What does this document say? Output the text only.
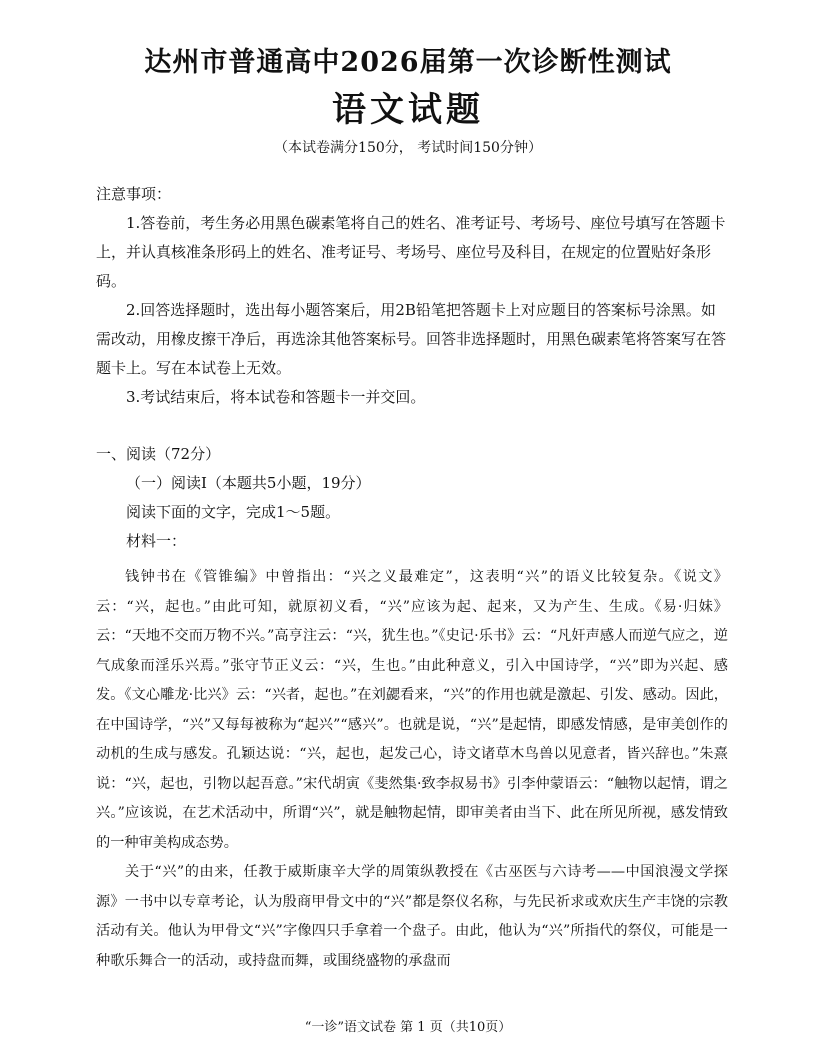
达州市普通高中2026届第一次诊断性测试
语文试题
（本试卷满分150分， 考试时间150分钟）

注意事项：

1.答卷前，考生务必用黑色碳素笔将自己的姓名、准考证号、考场号、座位号填写在答题卡上，并认真核准条形码上的姓名、准考证号、考场号、座位号及科目，在规定的位置贴好条形码。

2.回答选择题时，选出每小题答案后，用2B铅笔把答题卡上对应题目的答案标号涂黑。如需改动，用橡皮擦干净后，再选涂其他答案标号。回答非选择题时，用黑色碳素笔将答案写在答题卡上。写在本试卷上无效。

3.考试结束后，将本试卷和答题卡一并交回。

一、阅读（72分）

（一）阅读Ⅰ（本题共5小题，19分）

阅读下面的文字，完成1～5题。

材料一：

钱钟书在《管锥编》中曾指出：“兴之义最难定”，这表明“兴”的语义比较复杂。《说文》云：“兴，起也。”由此可知，就原初义看，“兴”应该为起、起来，又为产生、生成。《易·归妹》云：“天地不交而万物不兴。”高亨注云：“兴，犹生也。”《史记·乐书》云：“凡奸声感人而逆气应之，逆气成象而淫乐兴焉。”张守节正义云：“兴，生也。”由此种意义，引入中国诗学，“兴”即为兴起、感发。《文心雕龙·比兴》云：“兴者，起也。”在刘勰看来，“兴”的作用也就是激起、引发、感动。因此，在中国诗学，“兴”又每每被称为“起兴”“感兴”。也就是说，“兴”是起情，即感发情感，是审美创作的动机的生成与感发。孔颖达说：“兴，起也，起发己心，诗文诸草木鸟兽以见意者，皆兴辞也。”朱熹说：“兴，起也，引物以起吾意。”宋代胡寅《斐然集·致李叔易书》引李仲蒙语云：“触物以起情，谓之兴。”应该说，在艺术活动中，所谓“兴”，就是触物起情，即审美者由当下、此在所见所视，感发情致的一种审美构成态势。

关于“兴”的由来，任教于威斯康辛大学的周策纵教授在《古巫医与六诗考——中国浪漫文学探源》一书中以专章考论，认为殷商甲骨文中的“兴”都是祭仪名称，与先民祈求或欢庆生产丰饶的宗教活动有关。他认为甲骨文“兴”字像四只手拿着一个盘子。由此，他认为“兴”所指代的祭仪，可能是一种歌乐舞合一的活动，或持盘而舞，或围绕盛物的承盘而

“一诊”语文试卷 第 1 页（共10页）
